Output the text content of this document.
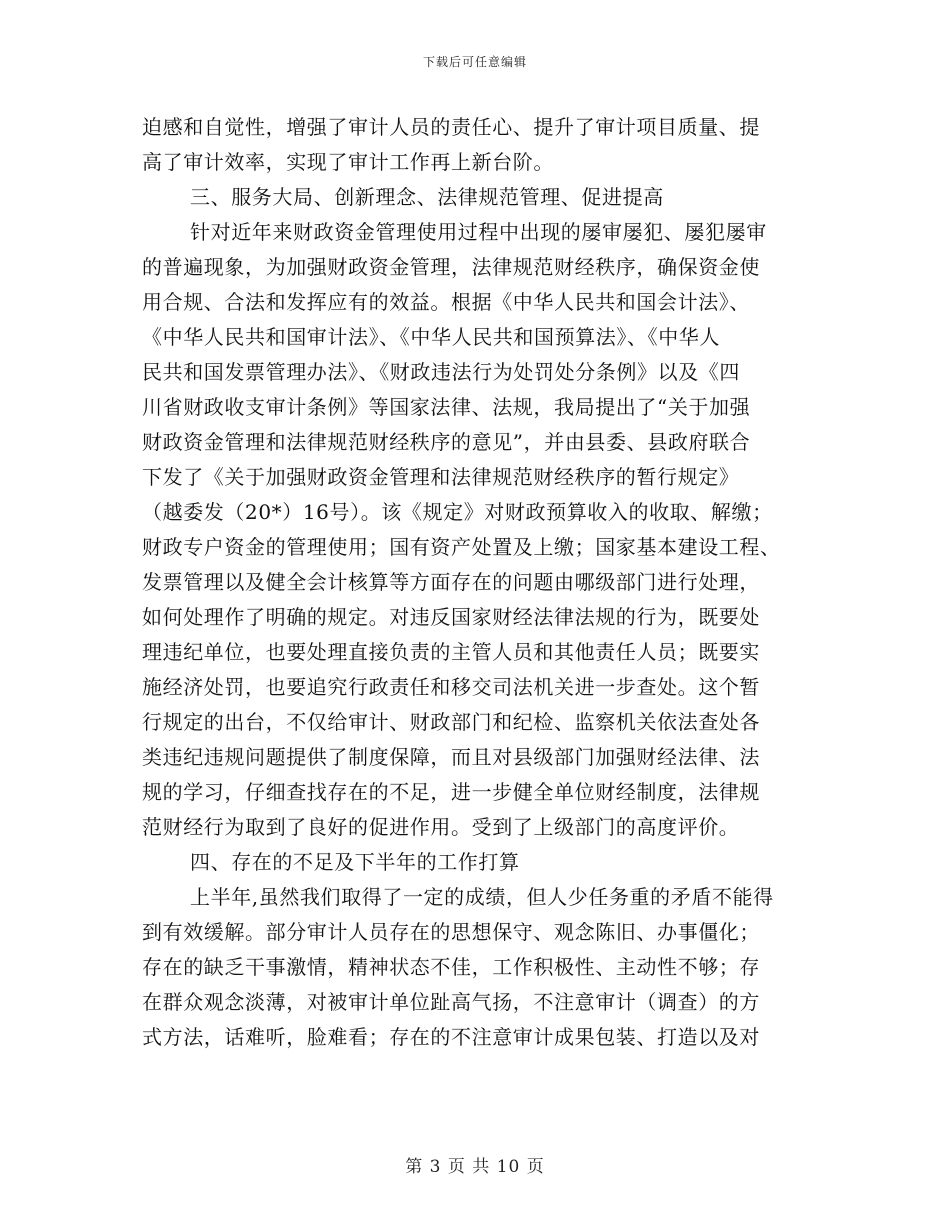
下载后可任意编辑
迫感和自觉性，增强了审计人员的责任心、提升了审计项目质量、提
高了审计效率，实现了审计工作再上新台阶。
三、服务大局、创新理念、法律规范管理、促进提高
针对近年来财政资金管理使用过程中出现的屡审屡犯、屡犯屡审
的普遍现象，为加强财政资金管理，法律规范财经秩序，确保资金使
用合规、合法和发挥应有的效益。根据《中华人民共和国会计法》、
《中华人民共和国审计法》、《中华人民共和国预算法》、《中华人
民共和国发票管理办法》、《财政违法行为处罚处分条例》以及《四
川省财政收支审计条例》等国家法律、法规，我局提出了“关于加强
财政资金管理和法律规范财经秩序的意见”，并由县委、县政府联合
下发了《关于加强财政资金管理和法律规范财经秩序的暂行规定》
（越委发（20*）16号）。该《规定》对财政预算收入的收取、解缴；
财政专户资金的管理使用；国有资产处置及上缴；国家基本建设工程、
发票管理以及健全会计核算等方面存在的问题由哪级部门进行处理，
如何处理作了明确的规定。对违反国家财经法律法规的行为，既要处
理违纪单位，也要处理直接负责的主管人员和其他责任人员；既要实
施经济处罚，也要追究行政责任和移交司法机关进一步查处。这个暂
行规定的出台，不仅给审计、财政部门和纪检、监察机关依法查处各
类违纪违规问题提供了制度保障，而且对县级部门加强财经法律、法
规的学习，仔细查找存在的不足，进一步健全单位财经制度，法律规
范财经行为取到了良好的促进作用。受到了上级部门的高度评价。
四、存在的不足及下半年的工作打算
上半年,虽然我们取得了一定的成绩，但人少任务重的矛盾不能得
到有效缓解。部分审计人员存在的思想保守、观念陈旧、办事僵化；
存在的缺乏干事激情，精神状态不佳，工作积极性、主动性不够；存
在群众观念淡薄，对被审计单位趾高气扬，不注意审计（调查）的方
式方法，话难听，脸难看；存在的不注意审计成果包装、打造以及对
第 3 页 共 10 页
